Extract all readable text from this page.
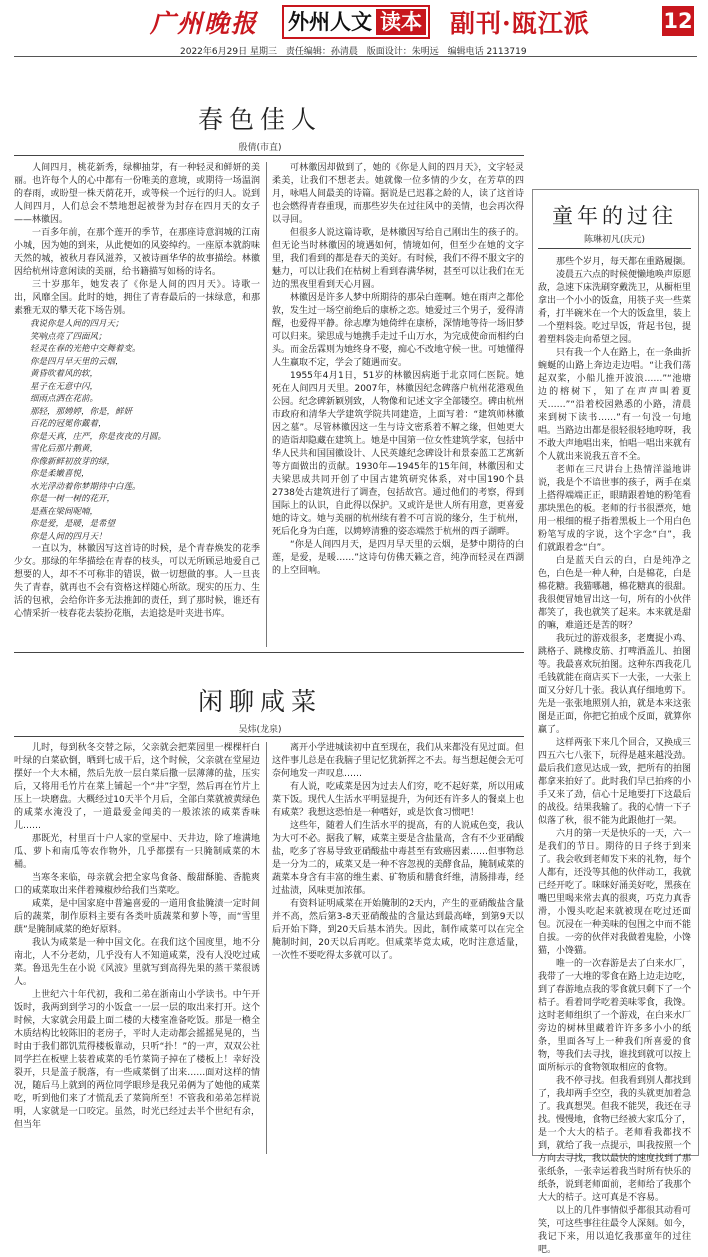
广州晚报 外州人文 读本 副刊·瓯江派	12
2022年6月29日 星期三 责任编辑：孙清晨 版面设计：朱明远 编辑电话 2113719
春色佳人
殷倩(市直)

人间四月，桃花新秀，绿柳抽芽，有一种轻灵和鲜妍的美丽。也许每个人的心中都有一份唯美的意境，或期待一场温润的春雨，或盼望一株天荫花开，或等候一个远行的归人。说到人间四月，人们总会不禁地想起被誉为封存在四月天的女子——林徽因。

一百多年前，在那个莲开的季节，在那座诗意润城的江南小城，因为她的到来，从此便如的风姿绰约。一座原本就韵味天然的城，被秋月春风滋养，又被诗画华华的故事描绘。林徽因给杭州诗意闲读的美丽，给书籍描写如杨的诗名。

三十岁那年，她发表了《你是人间的四月天》。诗歌一出，风靡全国。此时的她，拥住了青春最后的一抹绿意，和那素雅无双的攀天花下场告别。

我说你是人间的四月天；
笑响点亮了四面风；
轻灵在春的光艳中交舞着变。
你是四月早天里的云烟，
黄昏吹着风的软，
星子在无意中闪，
细雨点洒在花前。
那轻，那娉婷，你是，鲜妍
百花的冠冕你戴着，
你是天真，庄严，你是夜夜的月圆。
雪化后那片鹅黄，
你像新鲜初放芽的绿，
你是柔嫩喜悦，
水光浮动着你梦期待中白莲。
你是一树一树的花开，
是燕在梁间呢喃，
你是爱，是暖，是希望
你是人间的四月天！

一直以为，林徽因写这首诗的时候，是个青春焕发的花季少女。那绿的年华描绘在青春的枝头，可以无所顾忌地爱自己想要的人，却不不可称非的错误，做一切想做的事。人一旦丧失了青春，就再也不会有资格这样随心所欲。现实的压力、生活的包袱，会给你许多无法推卸的责任，到了那时候，谁还有心情采折一枝春花去装扮花瓶，去追捻是叶夹进书库。

可林徽因却做到了，她的《你是人间的四月天》，文字轻灵柔美，让我们不想老去。她就像一位多情的少女，在芳草的四月，咏唱人间最美的诗篇。据说是已迟暮之龄的人，读了这首诗也会燃得青春重现，而那些岁失在过往风中的美情，也会再次得以寻回。

但很多人说这篇诗歌，是林徽因写给自己刚出生的孩子的。但无论当时林徽因的境遇如何，情境如何，但至少在她的文字里，我们看到的都是春天的美好。有时候，我们不得不服文字的魅力，可以让我们在枯树上看到春满华树，甚至可以让我们在无边的黑夜里看到天心月圆。

林徽因是许多人梦中所期待的那朵白莲啊。她在雨声之都伦敦，发生过一场空前绝后的康桥之恋。她爱过三个男子，爱得清醒，也爱得平静。徐志摩为她倚绊在康桥，深情地等待一场旧梦可以归来。梁思成与她携手走过千山万水，为完成使命而相约白头。而金岳霖则为她终身不娶，痴心不改地守候一世。可她懂得人生赢取不定，学会了随遇而安。

1955年4月1日，51岁的林徽因病逝于北京同仁医院。她死在人间四月天里。2007年，林徽因纪念碑落户杭州花港观鱼公园。纪念碑新颖别致，人物像和记述文字全部镂空。碑由杭州市政府和清华大学建筑学院共同建造，上面写着：“建筑师林徽因之墓”。尽管林徽因这一生与诗文密系着不解之缘，但她更大的造诣却隐藏在建筑上。她是中国第一位女性建筑学家，包括中华人民共和国国徽设计、人民英雄纪念碑设计和景泰蓝工艺寓新等方面做出的贡献。1930年—1945年的15年间，林徽因和丈夫梁思成共同开创了中国古建筑研究体系，对中国190个县2738处古建筑进行了调查，包括故宫。通过他们的考察，得到国际上的认识，自此得以保护。又或许是世人所有用意，更喜爱她的诗文。她与美丽的杭州续有着不可言说的缘分，生于杭州，死后化身为白莲，以娉婷清雅的姿态端然于杭州的西子湖畔。

“你是人间四月天，是四月早天里的云烟，是梦中期待的白莲，是爱，是暖……”这诗句仿佛天籁之音，纯净而轻灵在西湖的上空回响。

闲聊咸菜
吴炜(龙泉)

儿时，每到秋冬交替之际，父亲就会把菜园里一棵棵杆白叶绿的白菜砍倒，晒到七成干后，这个时候，父亲就在堂屋边摆好一个大木桶，然后先放一层白菜后撒一层薄薄的盐，压实后，又将用毛竹片在菜上铺起一个“井”字型，然后再在竹片上压上一块磨盘。大概经过10天半个月后，全部白菜就被黄绿色的咸菜水淹没了，一道最爱金闻美的一般浓浓的咸菜香味儿……

那既光，村里百十户人家的堂屋中、天井边，除了堆满地瓜、萝卜和南瓜等农作物外，几乎都摆有一只腌制咸菜的木桶。

当寒冬来临，母亲就会把全家鸟食备、酸甜酥脆、香脆爽口的咸菜取出来伴着辣椒炒给我们当菜吃。

咸菜，是中国家庭中普遍喜爱的一道用食盐腌渍一定时间后的蔬菜，制作原料主要有各类叶质蔬菜和萝卜等，而“雪里蕻”是腌制咸菜的绝好原料。

我认为咸菜是一种中国文化。在我们这个国度里，地不分南北，人不分老幼，几乎没有人不知道咸菜，没有人没吃过咸菜。鲁迅先生在小说《风波》里就写到高得先果的蒸干菜很诱人。

上世纪六十年代初，我和二弟在浙南山小学读书。中午开饭时，我两到到学习的小饭盒一一层一层的取出来打开。这个时候，大家就会用最上面二楼的大楼室准备吃饭。那是一檐全木质结构比较陈旧的老房子，平时人走动都会摇摇晃晃的，当时由于我们都饥荒得楼板靠动，只听“扑！”的一声，双双公社同学拦在板壁上装着咸菜的毛竹菜筒子掉在了楼板上！幸好没裂开，只是盖子脱落，有一些咸菜倒了出来……面对这样的情况，随后马上就到的两位同学眼珍是我兄弟俩为了她他的咸菜吃，听到他们来了才慌乱丢了菜筒所至！不管我和弟弟怎样说明，人家就是一口咬定。虽然，时光已经过去半个世纪有余，但当年

离开小学进城读初中直至现在，我们从来都没有见过面。但这件事儿总是在我脑子里记忆犹新挥之不去。每当想起便会无可奈何地发一声叹息……

有人说，吃咸菜是因为过去人们穷，吃不起好菜，所以用咸菜下饭。现代人生活水平明显提升，为何还有许多人的餐桌上也有咸菜？我想这恐怕是一种嗜好，或是饮食习惯吧！

这些年，随着人们生活水平的提高，有的人说咸色变，我认为大可不必。据我了解，咸菜主要是含盐量高，含有不少亚硝酸盐，吃多了容易导致亚硝酸盐中毒甚至有致癌因素……但事物总是一分为二的，咸菜又是一种不容忽视的美酵食品，腌制咸菜的蔬菜本身含有丰富的维生素、矿物质和膳食纤维，清肠排毒，经过盐渍，风味更加浓郁。

有资料证明咸菜在开始腌制的2天内，产生的亚硝酸盐含量并不高，然后第3-8天亚硝酸盐的含量达到最高峰，到第9天以后开始下降，到20天后基本消失。因此，制作咸菜可以在完全腌制时间，20天以后再吃。但咸菜毕竟太咸，吃时注意适量，一次性不要吃得太多就可以了。

童年的过往
陈琳初凡(庆元)

那些个岁月，每天都在重路履撷。

凌晨五六点的时候便懒地唤声原愿敌，急速下床洗刷穿戴洗卫，从橱柜里拿出一个小小的饭盒，用筷子夹一些菜肴，打半碗米在一个大的饭盒里，装上一个塑料袋。吃过早饭，背起书包，提着塑料袋走向希望之园。

只有我一个人在路上，在一条曲折蜿蜒的山路上奔边走边唱。“让我们荡起双桨，小船儿推开波浪……”“池塘边的榕树下，知了在声声叫着夏天……”“沿着校园熟悉的小路，清晨来到树下读书……”有一句没一句地唱。当路边出都是很轻很轻地哼呀，我不敢大声地唱出来，怕唱一唱出来就有个人就出来说我五音不全。

老师在三尺讲台上热情洋溢地讲说，我是个不谙世事的孩子，两手在桌上搭得端端正正，眼睛跟着她的粉笔看那块黑色的板。老师的行书很漂亮，她用一根细的棍子指着黑板上一个用白色粉笔写成的字说，这个字念“白”，我们就跟着念“白”。

白是蓝天白云的白，白是纯净之色，白色是一种人种，白是棉花，白是棉花糖。我猫哪趟，棉花糖真的很甜。我很便冒她冒出这一句，所有的小伙伴都笑了，我也就笑了起来。本来就是甜的嘛，难道还是苦的呀？

我玩过的游戏很多，老鹰捉小鸡、跳格子、跳橡皮筋、打啤酒盖儿、拍图等。我最喜欢玩拍图。这种东西我花几毛钱就能在商店买下一大张，一大张上面又分好几十张。我认真仔细地剪下。先是一张张地照别人拍，就是本来这张图是正面，你把它拍成个反面，就算你赢了。

这样两张下来几个回合，又换成三四五六七八张下，玩得是越来越没劲。最后我们意见达成一致，把所有的拍图都拿来拍好了。此时我们早已拍疼的小手又来了劲，信心十足地要打下这最后的战役。结果我输了。我的心情一下子似落了秋，很不能为此跟他打一架。

六月的第一天是快乐的一天，六一是我们的节日。期待的日子终于到来了。我会收到老师发下来的礼物，每个人都有，还没等其他的伙伴动工，我就已经开吃了。咪咪好涌美好吃，黑孩在嘴巴里喝来常去真的很爽，巧克力真香滑，小馒头吃起来就被现在吃过还面包。沉浸在一种美味的包围之中而不能自拔。一旁的伙伴对我做着鬼脸，小馋猫，小馋猫。

唯一的一次春游是去了白来水厂，我带了一大堆的零食在路上边走边吃，到了春游地点我的零食就只剩下了一个桔子。看着同学吃着美味零食，我馋。这时老师组织了一个游戏，在白来水厂旁边的树林里藏着许许多多小小的纸条，里面各写上一种我们所喜爱的食物，等我们去寻找，谁找到就可以按上面所标示的食物领取相应的食物。

我不停寻找。但我看到别人都找到了，我却两手空空，我的头就更加着急了。我真想哭。但我不能哭，我还在寻找。慢慢地，食物已经被大家瓜分了，是一个大大的桔子。老师看我都找不到，就给了我一点提示，叫我按照一个方向去寻找，我以最快的速度找到了那张纸条，一张幸运着我当时所有快乐的纸条，说到老师面前，老师给了我那个大大的桔子。这可真是不容易。

以上的几件事情似乎都很其动看可笑，可这些事往往最令人深刻。如今，我记下来，用以追忆我那童年的过往吧。
